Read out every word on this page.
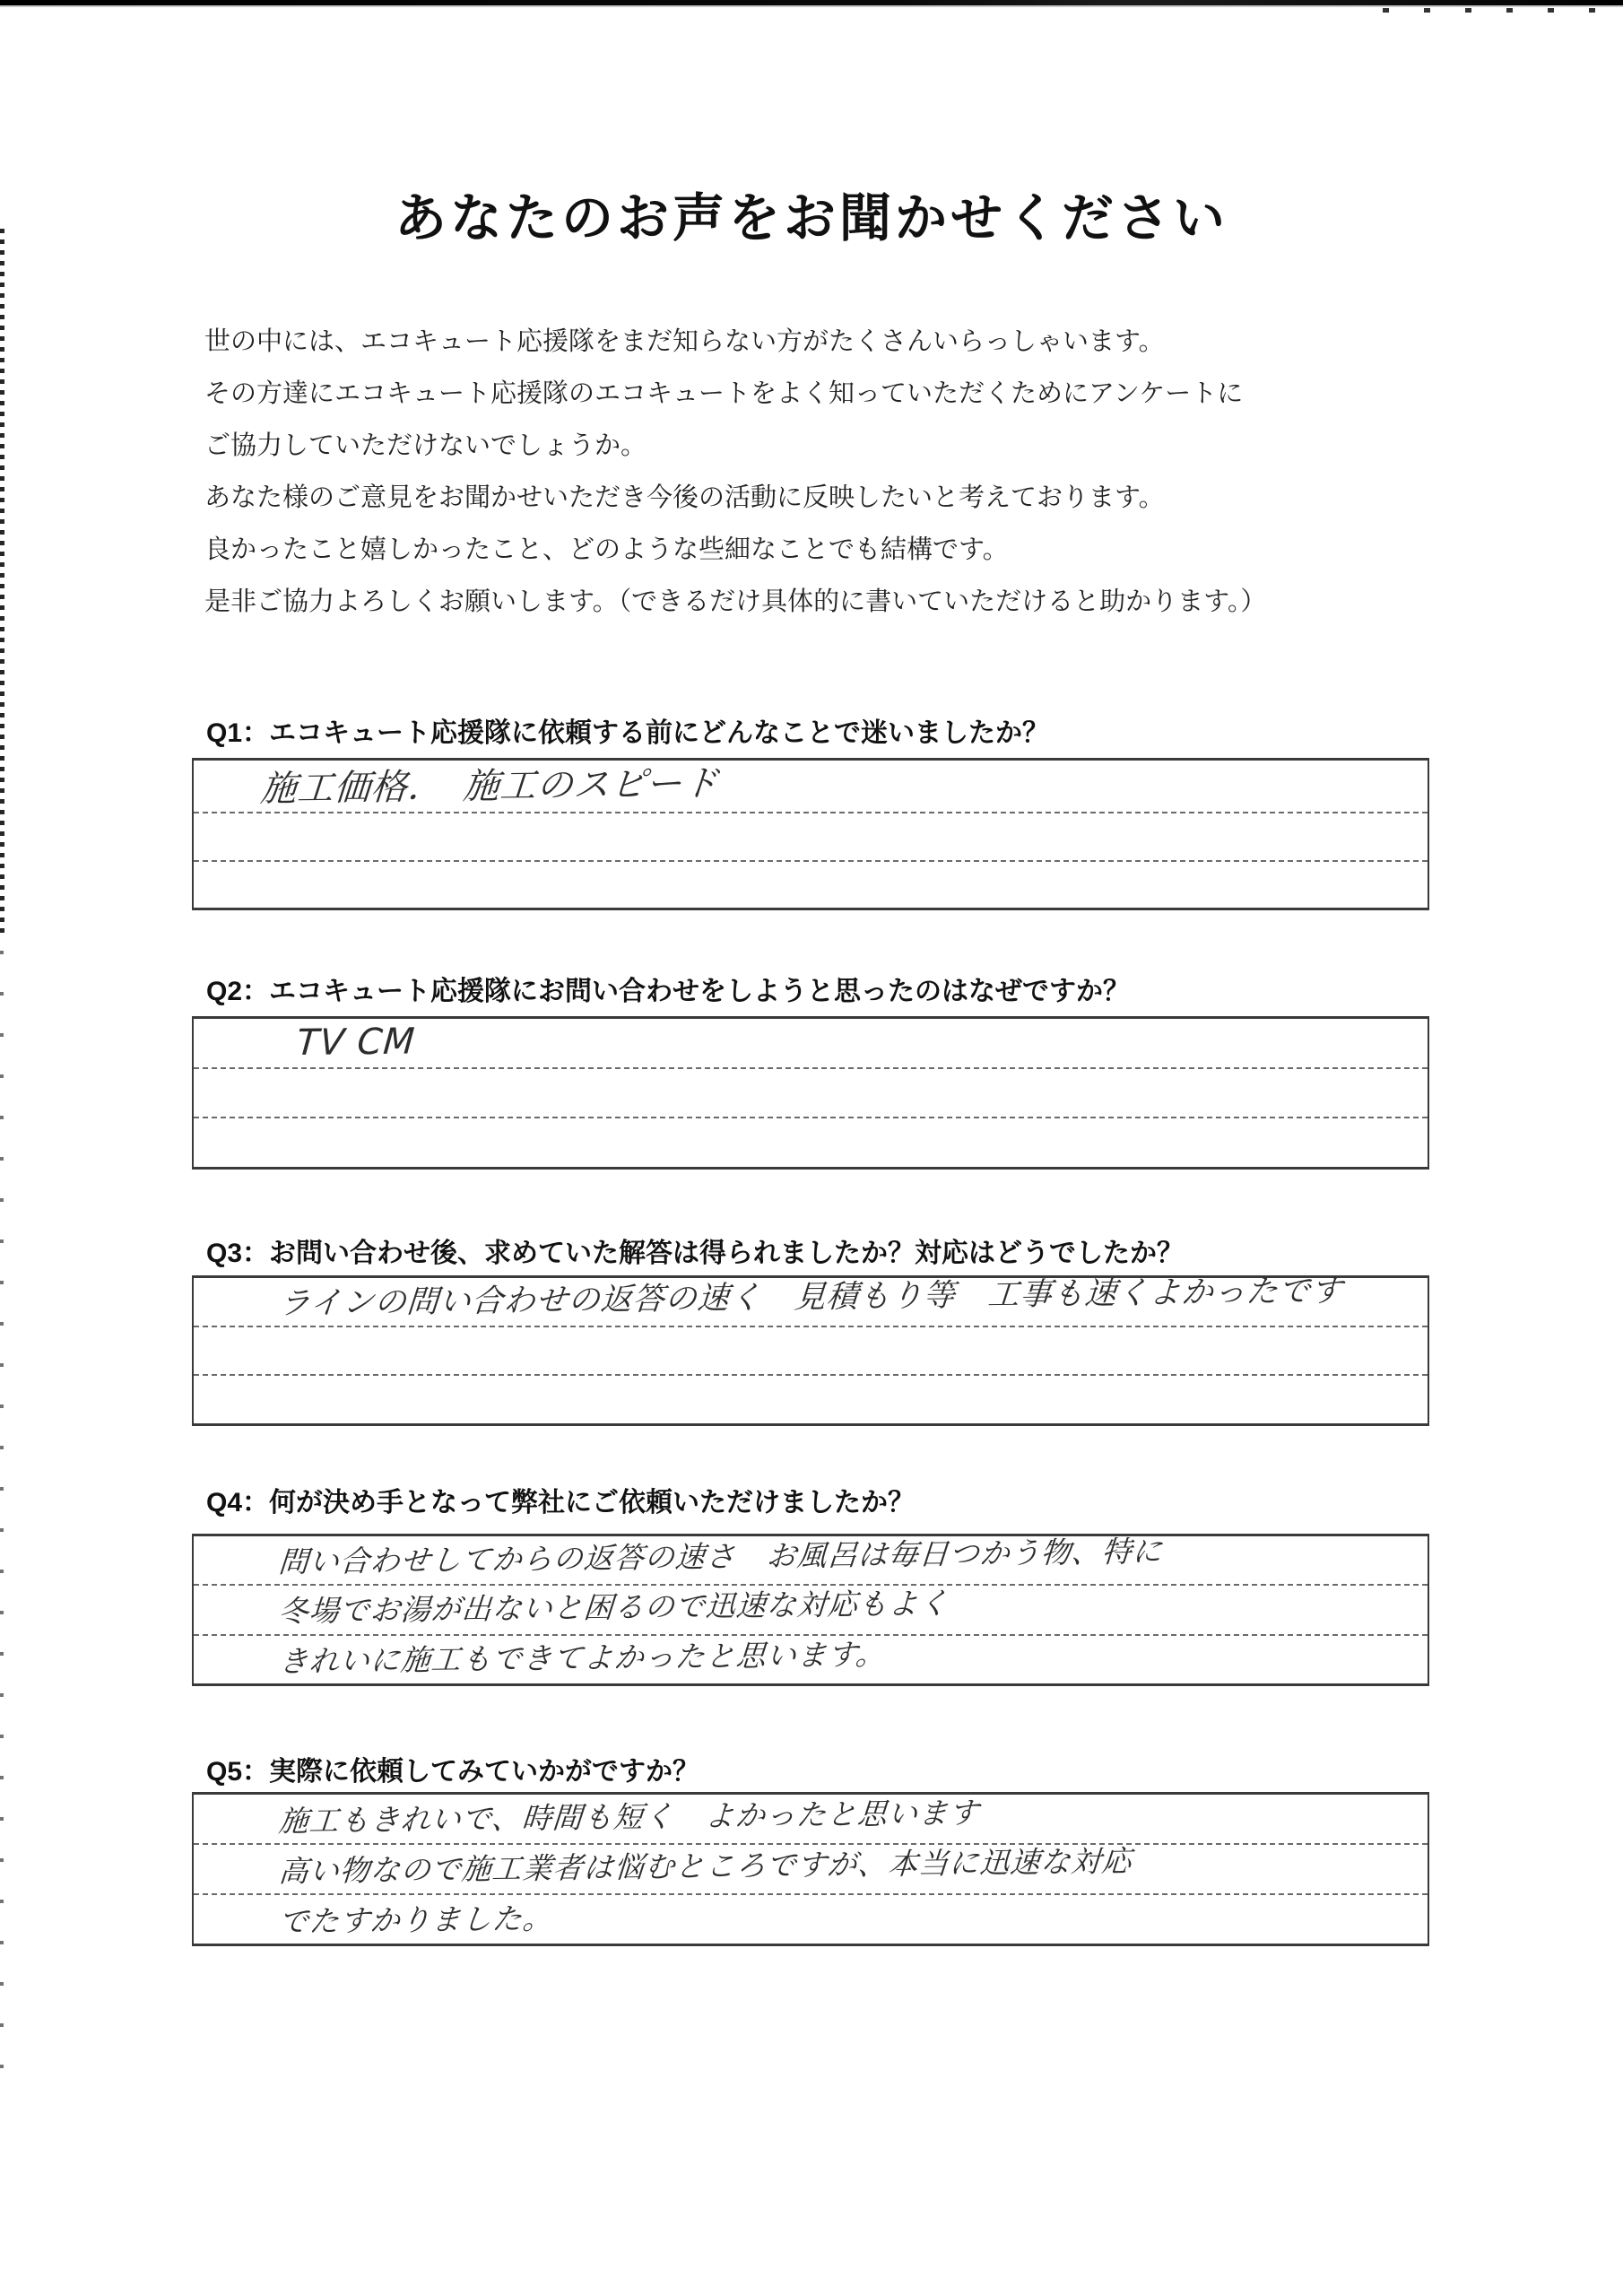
あなたのお声をお聞かせください
世の中には、エコキュート応援隊をまだ知らない方がたくさんいらっしゃいます。
その方達にエコキュート応援隊のエコキュートをよく知っていただくためにアンケートに
ご協力していただけないでしょうか。
あなた様のご意見をお聞かせいただき今後の活動に反映したいと考えております。
良かったこと嬉しかったこと、どのような些細なことでも結構です。
是非ご協力よろしくお願いします。（できるだけ具体的に書いていただけると助かります。）
Q1：エコキュート応援隊に依頼する前にどんなことで迷いましたか？
施工価格．　施工のスピード
Q2：エコキュート応援隊にお問い合わせをしようと思ったのはなぜですか？
TV CM
Q3：お問い合わせ後、求めていた解答は得られましたか？対応はどうでしたか？
ラインの問い合わせの返答の速く　見積もり等　工事も速くよかったです
Q4：何が決め手となって弊社にご依頼いただけましたか？
問い合わせしてからの返答の速さ　お風呂は毎日つかう物、特に
冬場でお湯が出ないと困るので迅速な対応もよく
きれいに施工もできてよかったと思います。
Q5：実際に依頼してみていかがですか？
施工もきれいで、時間も短く　よかったと思います
高い物なので施工業者は悩むところですが、本当に迅速な対応
でたすかりました。
